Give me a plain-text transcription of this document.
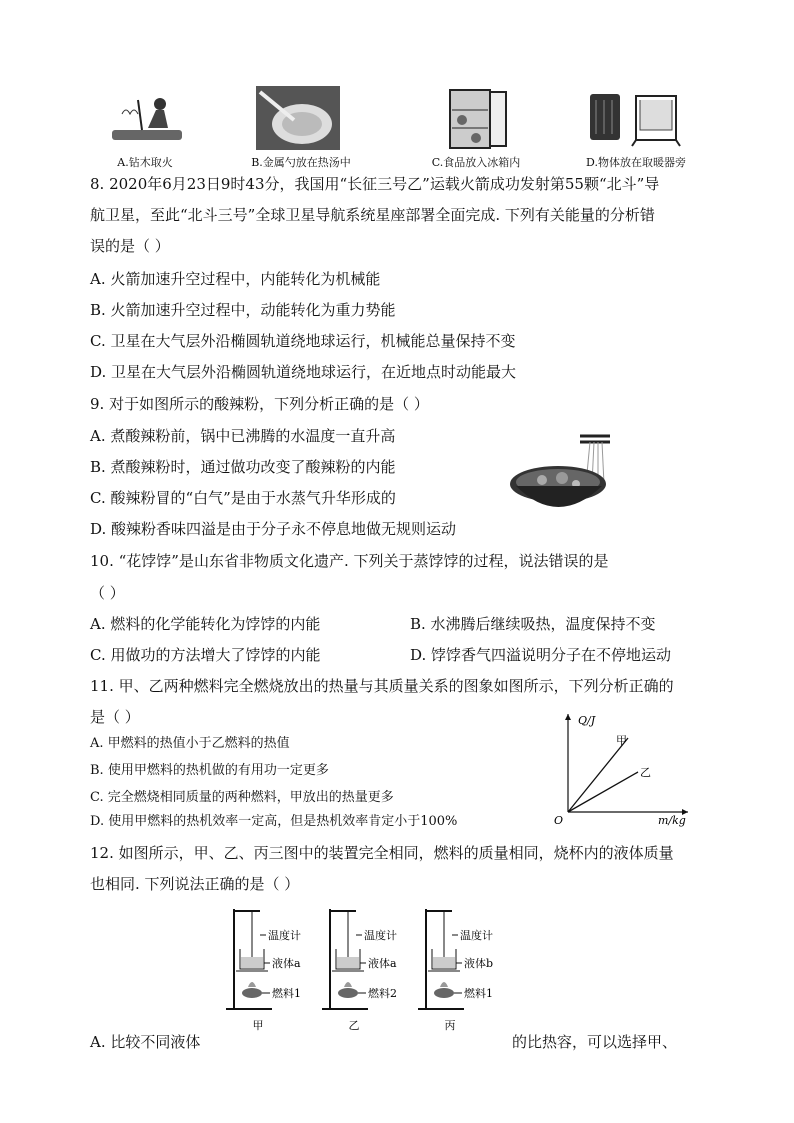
A.钻木取火	B.金属勺放在热汤中	C.食品放入冰箱内	D.物体放在取暖器旁
8. 2020年6月23日9时43分，我国用“长征三号乙”运载火箭成功发射第55颗“北斗”导
航卫星，至此“北斗三号”全球卫星导航系统星座部署全面完成. 下列有关能量的分析错
误的是（ ）
A. 火箭加速升空过程中，内能转化为机械能
B. 火箭加速升空过程中，动能转化为重力势能
C. 卫星在大气层外沿椭圆轨道绕地球运行，机械能总量保持不变
D. 卫星在大气层外沿椭圆轨道绕地球运行，在近地点时动能最大
9. 对于如图所示的酸辣粉，下列分析正确的是（ ）
A. 煮酸辣粉前，锅中已沸腾的水温度一直升高
B. 煮酸辣粉时，通过做功改变了酸辣粉的内能
C. 酸辣粉冒的“白气”是由于水蒸气升华形成的
D. 酸辣粉香味四溢是由于分子永不停息地做无规则运动
10. “花饽饽”是山东省非物质文化遗产. 下列关于蒸饽饽的过程，说法错误的是
（ ）
A. 燃料的化学能转化为饽饽的内能	B. 水沸腾后继续吸热，温度保持不变
C. 用做功的方法增大了饽饽的内能	D. 饽饽香气四溢说明分子在不停地运动
11. 甲、乙两种燃料完全燃烧放出的热量与其质量关系的图象如图所示，下列分析正确的
是（ ）
A. 甲燃料的热值小于乙燃料的热值
B. 使用甲燃料的热机做的有用功一定更多
C. 完全燃烧相同质量的两种燃料，甲放出的热量更多
D. 使用甲燃料的热机效率一定高，但是热机效率肯定小于100%
Q/J
甲
乙
O	m/kg
12. 如图所示，甲、乙、丙三图中的装置完全相同，燃料的质量相同，烧杯内的液体质量
也相同. 下列说法正确的是（ ）
温度计
液体a
燃料1
甲
温度计
液体a
燃料2
乙
温度计
液体b
燃料1
丙
A. 比较不同液体	的比热容，可以选择甲、
